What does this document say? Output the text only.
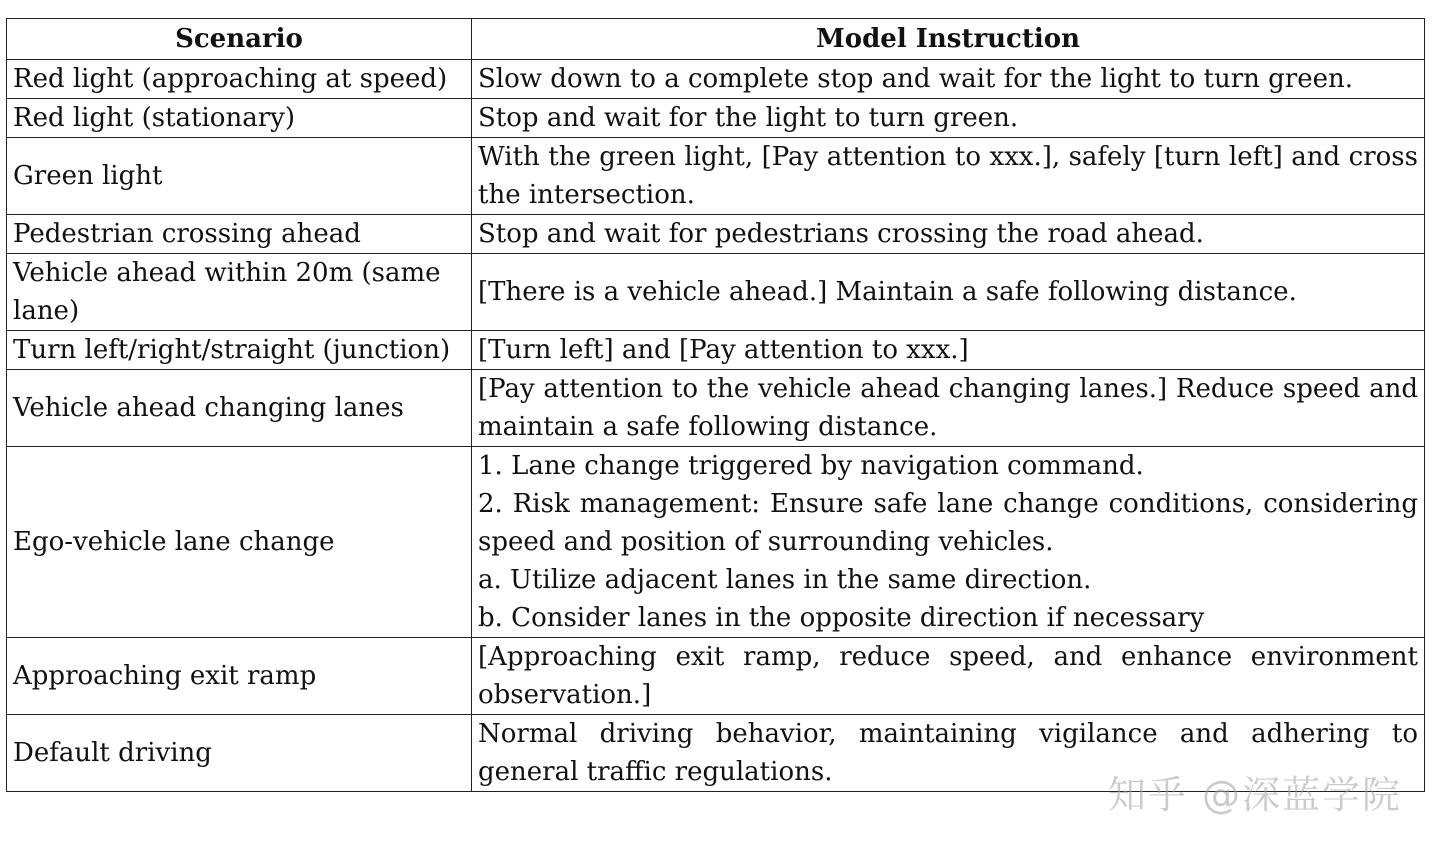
Scenario	Model Instruction
Red light (approaching at speed)	Slow down to a complete stop and wait for the light to turn green.

Red light (stationary)	Stop and wait for the light to turn green.

Green light	With the green light, [Pay attention to xxx.], safely [turn left] and cross the intersection.

Pedestrian crossing ahead	Stop and wait for pedestrians crossing the road ahead.

Vehicle ahead within 20m (same lane)	[There is a vehicle ahead.] Maintain a safe following distance.

Turn left/right/straight (junction)	[Turn left] and [Pay attention to xxx.]

Vehicle ahead changing lanes	[Pay attention to the vehicle ahead changing lanes.] Reduce speed and maintain a safe following distance.

Ego-vehicle lane change	1. Lane change triggered by navigation command.
2. Risk management: Ensure safe lane change conditions, considering speed and position of surrounding vehicles.
a. Utilize adjacent lanes in the same direction.
b. Consider lanes in the opposite direction if necessary

Approaching exit ramp	[Approaching exit ramp, reduce speed, and enhance environment observation.]

Default driving	Normal driving behavior, maintaining vigilance and adhering to general traffic regulations.
知乎 @深蓝学院
